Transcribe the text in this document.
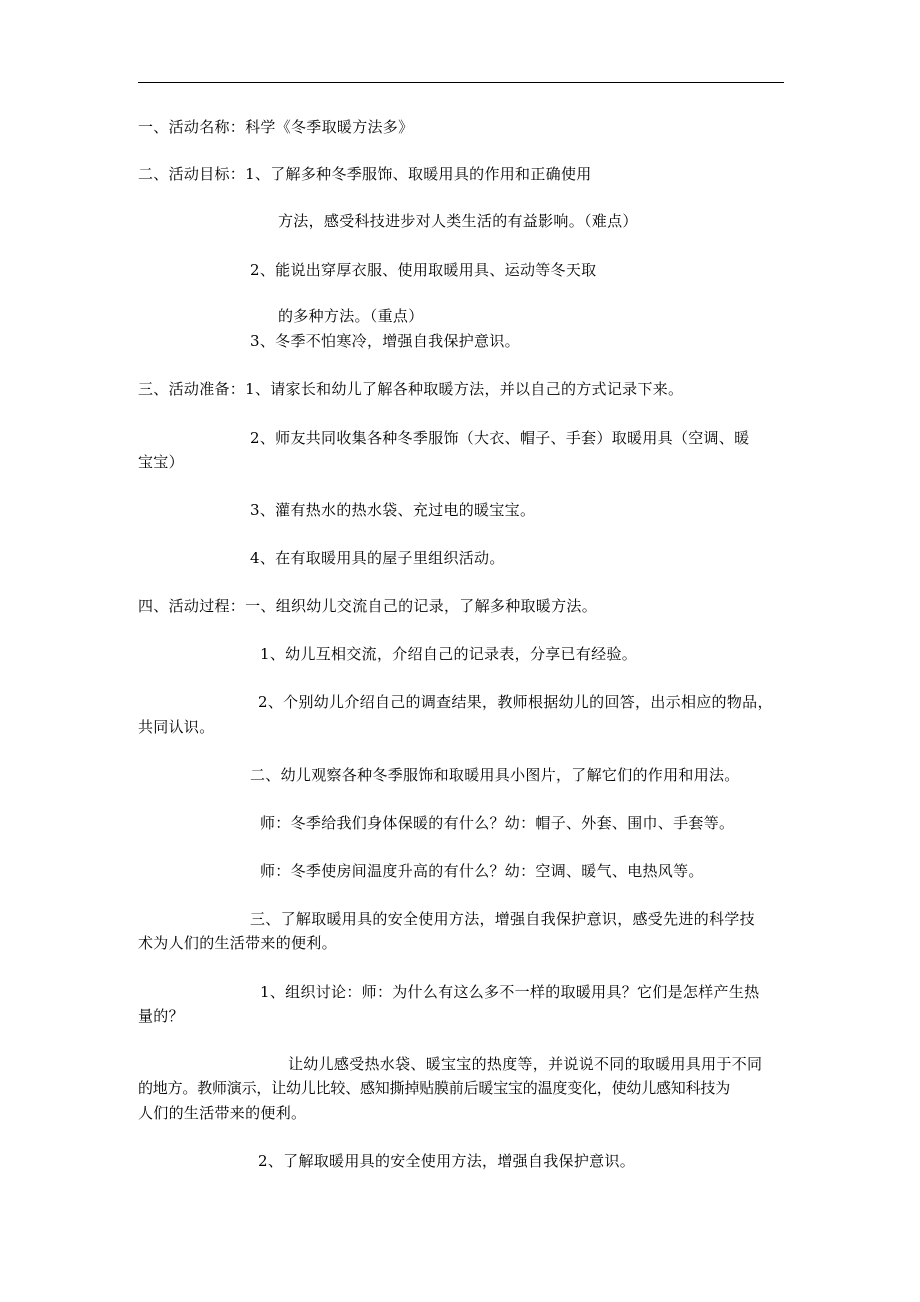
一、活动名称：科学《冬季取暖方法多》
二、活动目标：1、了解多种冬季服饰、取暖用具的作用和正确使用
方法，感受科技进步对人类生活的有益影响。（难点）
2、能说出穿厚衣服、使用取暖用具、运动等冬天取
的多种方法。（重点）
3、冬季不怕寒冷，增强自我保护意识。
三、活动准备：1、请家长和幼儿了解各种取暖方法，并以自己的方式记录下来。
2、师友共同收集各种冬季服饰（大衣、帽子、手套）取暖用具（空调、暖
宝宝）
3、灌有热水的热水袋、充过电的暖宝宝。
4、在有取暖用具的屋子里组织活动。
四、活动过程：一、组织幼儿交流自己的记录，了解多种取暖方法。
1、幼儿互相交流，介绍自己的记录表，分享已有经验。
2、个别幼儿介绍自己的调查结果，教师根据幼儿的回答，出示相应的物品，
共同认识。
二、幼儿观察各种冬季服饰和取暖用具小图片，了解它们的作用和用法。
师：冬季给我们身体保暖的有什么？幼：帽子、外套、围巾、手套等。
师：冬季使房间温度升高的有什么？幼：空调、暖气、电热风等。
三、了解取暖用具的安全使用方法，增强自我保护意识，感受先进的科学技
术为人们的生活带来的便利。
1、组织讨论：师：为什么有这么多不一样的取暖用具？它们是怎样产生热
量的？
让幼儿感受热水袋、暖宝宝的热度等，并说说不同的取暖用具用于不同
的地方。教师演示，让幼儿比较、感知撕掉贴膜前后暖宝宝的温度变化，使幼儿感知科技为
人们的生活带来的便利。
2、了解取暖用具的安全使用方法，增强自我保护意识。
